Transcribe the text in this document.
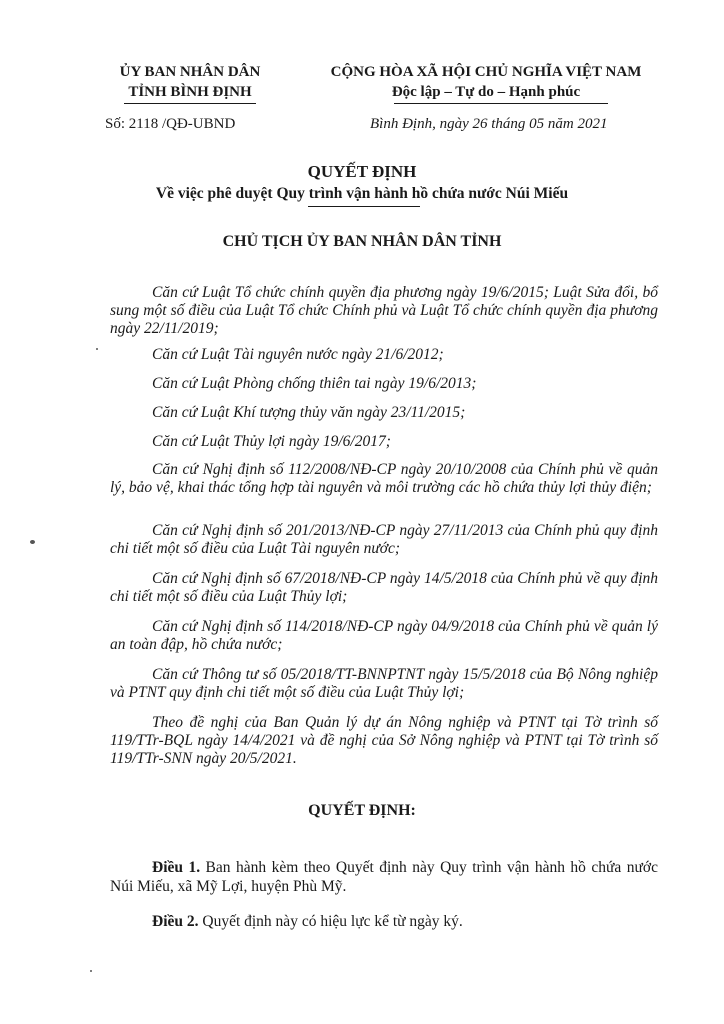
ỦY BAN NHÂN DÂN
TỈNH BÌNH ĐỊNH
Số: 2118 /QĐ-UBND
CỘNG HÒA XÃ HỘI CHỦ NGHĨA VIỆT NAM
Độc lập – Tự do – Hạnh phúc
Bình Định, ngày 26 tháng 05 năm 2021
QUYẾT ĐỊNH
Về việc phê duyệt Quy trình vận hành hồ chứa nước Núi Miếu
CHỦ TỊCH ỦY BAN NHÂN DÂN TỈNH
Căn cứ Luật Tổ chức chính quyền địa phương ngày 19/6/2015; Luật Sửa đổi, bổ sung một số điều của Luật Tổ chức Chính phủ và Luật Tổ chức chính quyền địa phương ngày 22/11/2019;
Căn cứ Luật Tài nguyên nước ngày 21/6/2012;
Căn cứ Luật Phòng chống thiên tai ngày 19/6/2013;
Căn cứ Luật Khí tượng thủy văn ngày 23/11/2015;
Căn cứ Luật Thủy lợi ngày 19/6/2017;
Căn cứ Nghị định số 112/2008/NĐ-CP ngày 20/10/2008 của Chính phủ về quản lý, bảo vệ, khai thác tổng hợp tài nguyên và môi trường các hồ chứa thủy lợi thủy điện;
Căn cứ Nghị định số 201/2013/NĐ-CP ngày 27/11/2013 của Chính phủ quy định chi tiết một số điều của Luật Tài nguyên nước;
Căn cứ Nghị định số 67/2018/NĐ-CP ngày 14/5/2018 của Chính phủ về quy định chi tiết một số điều của Luật Thủy lợi;
Căn cứ Nghị định số 114/2018/NĐ-CP ngày 04/9/2018 của Chính phủ về quản lý an toàn đập, hồ chứa nước;
Căn cứ Thông tư số 05/2018/TT-BNNPTNT ngày 15/5/2018 của Bộ Nông nghiệp và PTNT quy định chi tiết một số điều của Luật Thủy lợi;
Theo đề nghị của Ban Quản lý dự án Nông nghiệp và PTNT tại Tờ trình số 119/TTr-BQL ngày 14/4/2021 và đề nghị của Sở Nông nghiệp và PTNT tại Tờ trình số 119/TTr-SNN ngày 20/5/2021.
QUYẾT ĐỊNH:
Điều 1. Ban hành kèm theo Quyết định này Quy trình vận hành hồ chứa nước Núi Miếu, xã Mỹ Lợi, huyện Phù Mỹ.
Điều 2. Quyết định này có hiệu lực kể từ ngày ký.
